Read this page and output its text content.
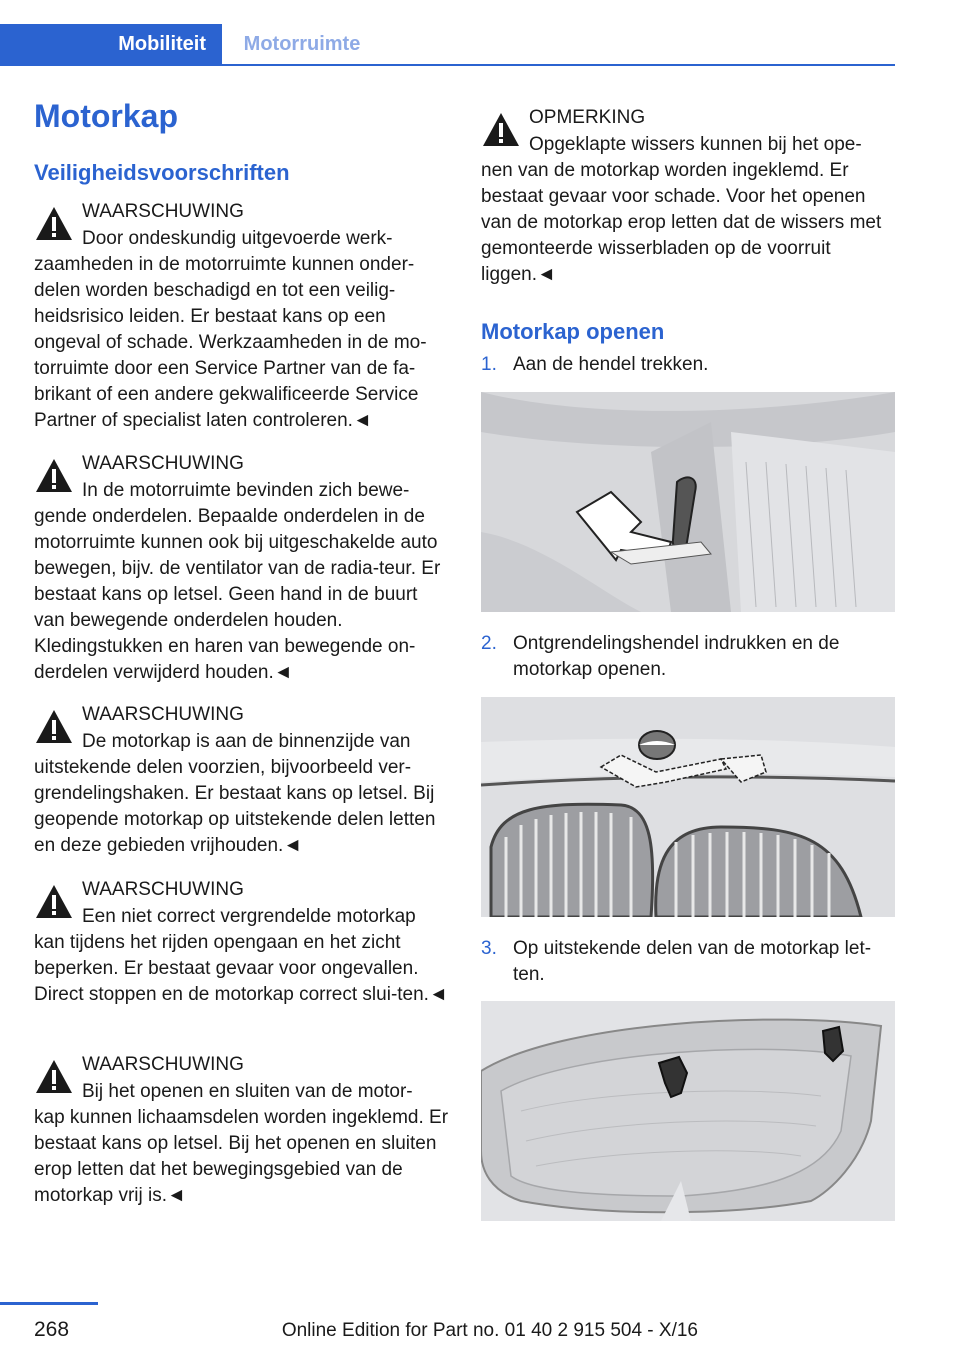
Mobiliteit	Motorruimte
Motorkap
Veiligheidsvoorschriften

WAARSCHUWING

Door ondeskundig uitgevoerde werk-
zaamheden in de motorruimte kunnen onder-delen worden beschadigd en tot een veilig-heidsrisico leiden. Er bestaat kans op een ongeval of schade. Werkzaamheden in de mo-torruimte door een Service Partner van de fa-brikant of een andere gekwalificeerde Service Partner of specialist laten controleren.◄

WAARSCHUWING

In de motorruimte bevinden zich bewe-
gende onderdelen. Bepaalde onderdelen in de motorruimte kunnen ook bij uitgeschakelde auto bewegen, bijv. de ventilator van de radia-teur. Er bestaat kans op letsel. Geen hand in de buurt van bewegende onderdelen houden. Kledingstukken en haren van bewegende on-derdelen verwijderd houden.◄

WAARSCHUWING

De motorkap is aan de binnenzijde van
uitstekende delen voorzien, bijvoorbeeld ver-grendelingshaken. Er bestaat kans op letsel. Bij geopende motorkap op uitstekende delen letten en deze gebieden vrijhouden.◄

WAARSCHUWING

Een niet correct vergrendelde motorkap
kan tijdens het rijden opengaan en het zicht beperken. Er bestaat gevaar voor ongevallen. Direct stoppen en de motorkap correct slui-ten.◄

WAARSCHUWING

Bij het openen en sluiten van de motor-
kap kunnen lichaamsdelen worden ingeklemd. Er bestaat kans op letsel. Bij het openen en sluiten erop letten dat het bewegingsgebied van de motorkap vrij is.◄

OPMERKING

Opgeklapte wissers kunnen bij het ope-
nen van de motorkap worden ingeklemd. Er bestaat gevaar voor schade. Voor het openen van de motorkap erop letten dat de wissers met gemonteerde wisserbladen op de voorruit liggen.◄

Motorkap openen
1. Aan de hendel trekken.
2. Ontgrendelingshendel indrukken en de motorkap openen.
3. Op uitstekende delen van de motorkap let-ten.
268	Online Edition for Part no. 01 40 2 915 504 - X/16
